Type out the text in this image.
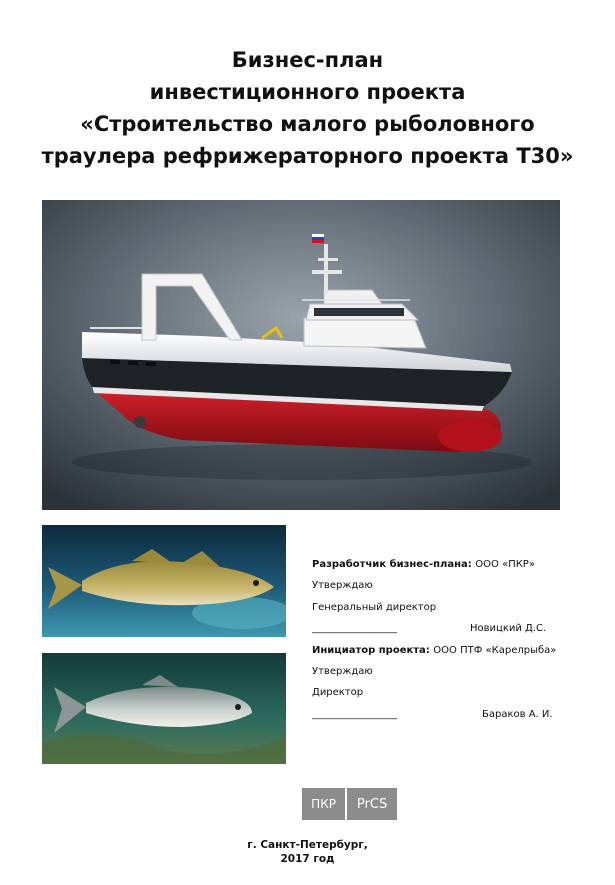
Бизнес-план
инвестиционного проекта
«Строительство малого рыболовного
траулера рефрижераторного проекта Т30»
Разработчик бизнес-плана: ООО «ПКР»
Утверждаю
Генеральный директор
_________________	Новицкий Д.С.
Инициатор проекта: ООО ПТФ «Карелрыба»
Утверждаю
Директор
_________________	Бараков А. И.
ПКР	PrCS
г. Санкт-Петербург,
2017 год
